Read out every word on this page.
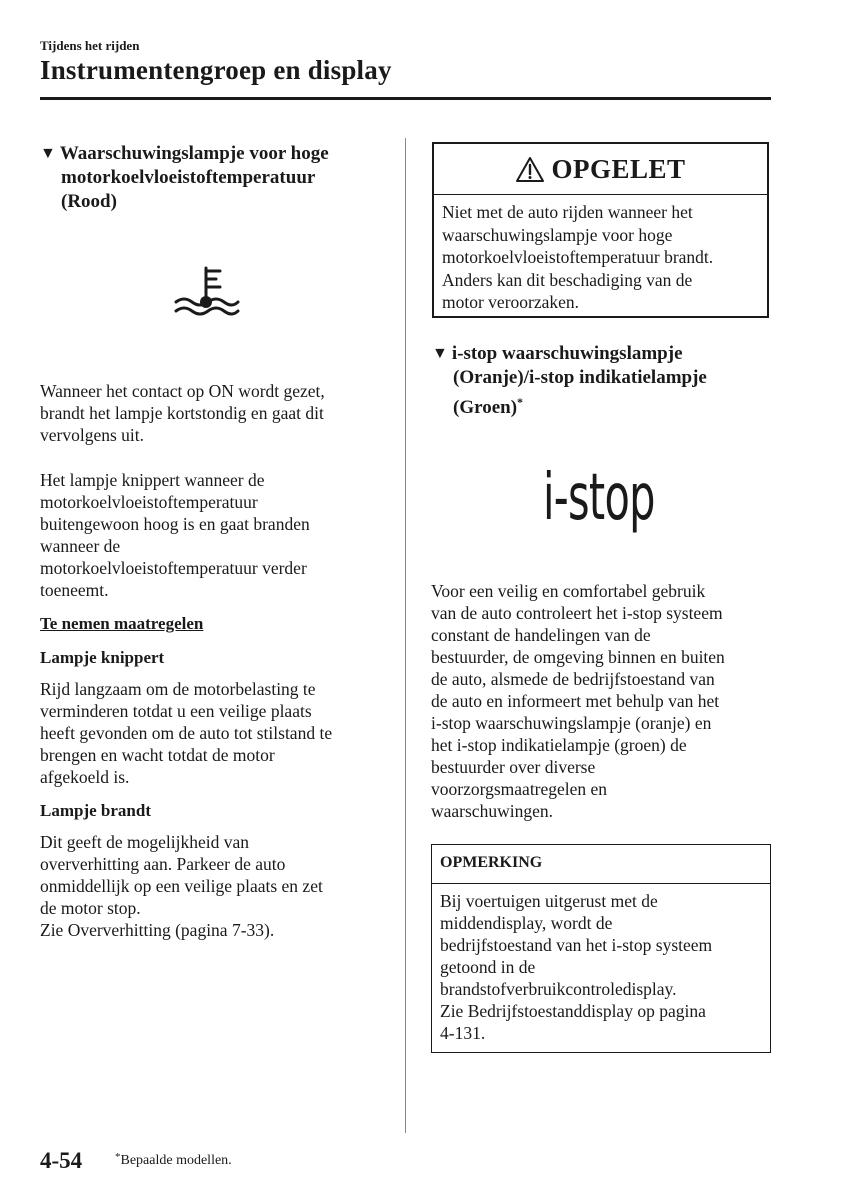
Tijdens het rijden
Instrumentengroep en display
▼ Waarschuwingslampje voor hoge
motorkoelvloeistoftemperatuur
(Rood)
Wanneer het contact op ON wordt gezet,
brandt het lampje kortstondig en gaat dit
vervolgens uit.
Het lampje knippert wanneer de
motorkoelvloeistoftemperatuur
buitengewoon hoog is en gaat branden
wanneer de
motorkoelvloeistoftemperatuur verder
toeneemt.
Te nemen maatregelen
Lampje knippert
Rijd langzaam om de motorbelasting te
verminderen totdat u een veilige plaats
heeft gevonden om de auto tot stilstand te
brengen en wacht totdat de motor
afgekoeld is.
Lampje brandt
Dit geeft de mogelijkheid van
oververhitting aan. Parkeer de auto
onmiddellijk op een veilige plaats en zet
de motor stop.
Zie Oververhitting (pagina 7-33).
OPGELET
Niet met de auto rijden wanneer het
waarschuwingslampje voor hoge
motorkoelvloeistoftemperatuur brandt.
Anders kan dit beschadiging van de
motor veroorzaken.
▼ i-stop waarschuwingslampje
(Oranje)/i-stop indikatielampje
(Groen)*
i-stop
Voor een veilig en comfortabel gebruik
van de auto controleert het i-stop systeem
constant de handelingen van de
bestuurder, de omgeving binnen en buiten
de auto, alsmede de bedrijfstoestand van
de auto en informeert met behulp van het
i-stop waarschuwingslampje (oranje) en
het i-stop indikatielampje (groen) de
bestuurder over diverse
voorzorgsmaatregelen en
waarschuwingen.
OPMERKING
Bij voertuigen uitgerust met de
middendisplay, wordt de
bedrijfstoestand van het i-stop systeem
getoond in de
brandstofverbruikcontroledisplay.
Zie Bedrijfstoestanddisplay op pagina
4-131.
4-54	*Bepaalde modellen.
